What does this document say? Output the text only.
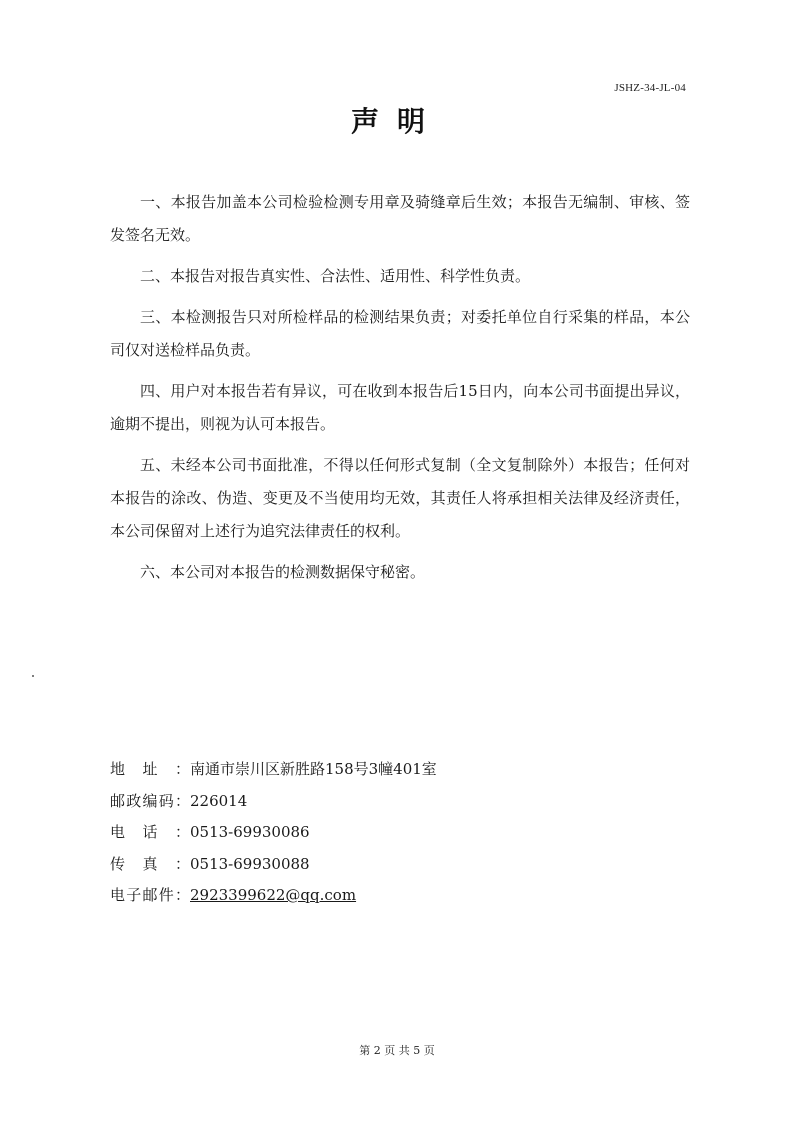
JSHZ-34-JL-04
声明
一、本报告加盖本公司检验检测专用章及骑缝章后生效；本报告无编制、审核、签发签名无效。
二、本报告对报告真实性、合法性、适用性、科学性负责。
三、本检测报告只对所检样品的检测结果负责；对委托单位自行采集的样品，本公司仅对送检样品负责。
四、用户对本报告若有异议，可在收到本报告后15日内，向本公司书面提出异议，逾期不提出，则视为认可本报告。
五、未经本公司书面批准，不得以任何形式复制（全文复制除外）本报告；任何对本报告的涂改、伪造、变更及不当使用均无效，其责任人将承担相关法律及经济责任，本公司保留对上述行为追究法律责任的权利。
六、本公司对本报告的检测数据保守秘密。
地址： 南通市崇川区新胜路158号3幢401室
邮政编码： 226014
电话： 0513-69930086
传真： 0513-69930088
电子邮件： 2923399622@qq.com
第 2 页 共 5 页
